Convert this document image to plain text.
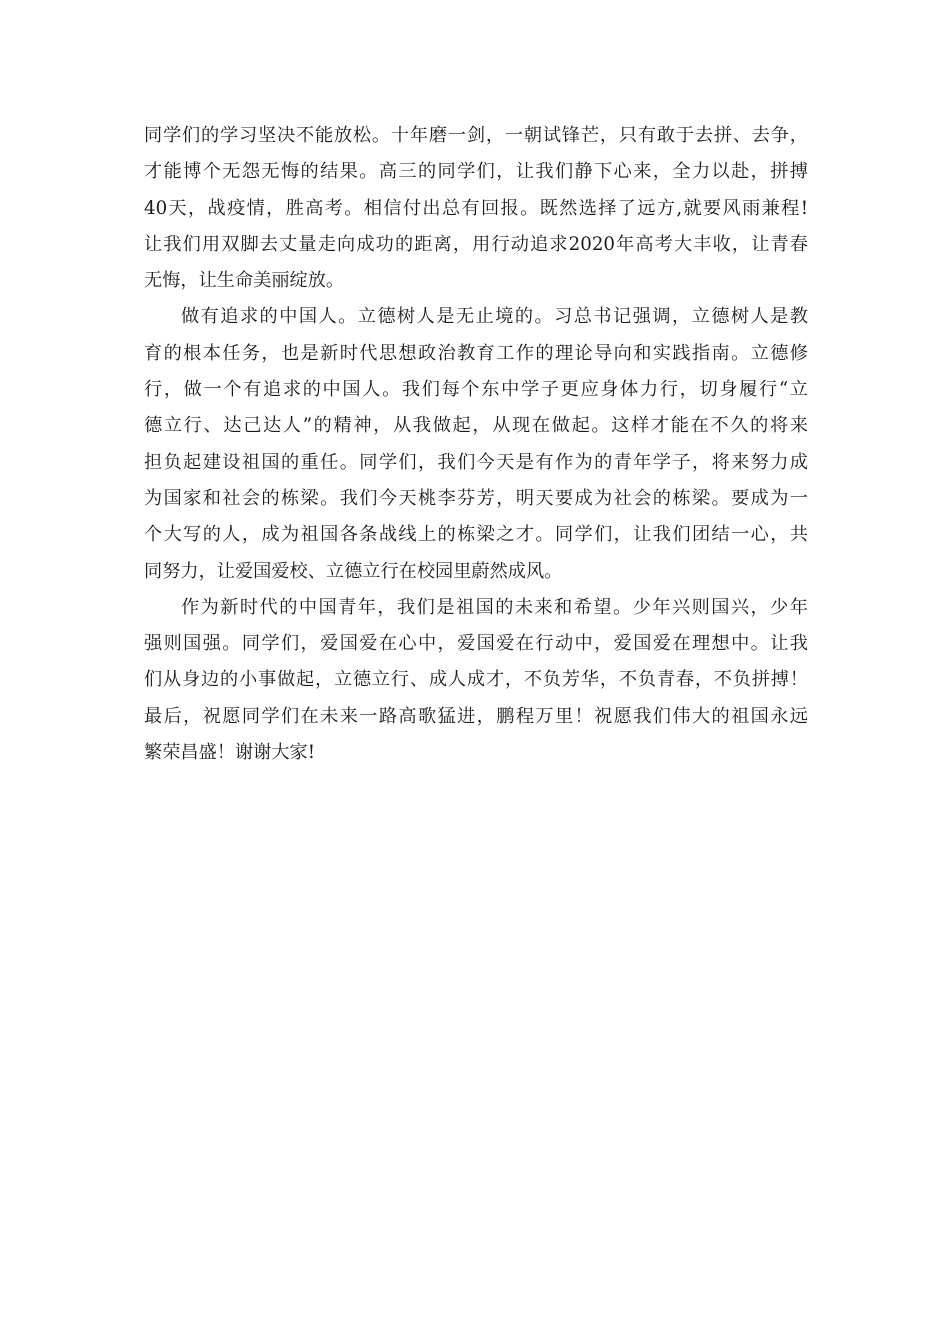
同学们的学习坚决不能放松。十年磨一剑，一朝试锋芒，只有敢于去拼、去争，
才能博个无怨无悔的结果。高三的同学们，让我们静下心来，全力以赴，拼搏
40天，战疫情，胜高考。相信付出总有回报。既然选择了远方,就要风雨兼程!
让我们用双脚去丈量走向成功的距离，用行动追求2020年高考大丰收，让青春
无悔，让生命美丽绽放。
做有追求的中国人。立德树人是无止境的。习总书记强调，立德树人是教
育的根本任务，也是新时代思想政治教育工作的理论导向和实践指南。立德修
行，做一个有追求的中国人。我们每个东中学子更应身体力行，切身履行“立
德立行、达己达人”的精神，从我做起，从现在做起。这样才能在不久的将来
担负起建设祖国的重任。同学们，我们今天是有作为的青年学子，将来努力成
为国家和社会的栋梁。我们今天桃李芬芳，明天要成为社会的栋梁。要成为一
个大写的人，成为祖国各条战线上的栋梁之才。同学们，让我们团结一心，共
同努力，让爱国爱校、立德立行在校园里蔚然成风。
作为新时代的中国青年，我们是祖国的未来和希望。少年兴则国兴，少年
强则国强。同学们，爱国爱在心中，爱国爱在行动中，爱国爱在理想中。让我
们从身边的小事做起，立德立行、成人成才，不负芳华，不负青春，不负拼搏！
最后，祝愿同学们在未来一路高歌猛进，鹏程万里！祝愿我们伟大的祖国永远
繁荣昌盛！谢谢大家!
